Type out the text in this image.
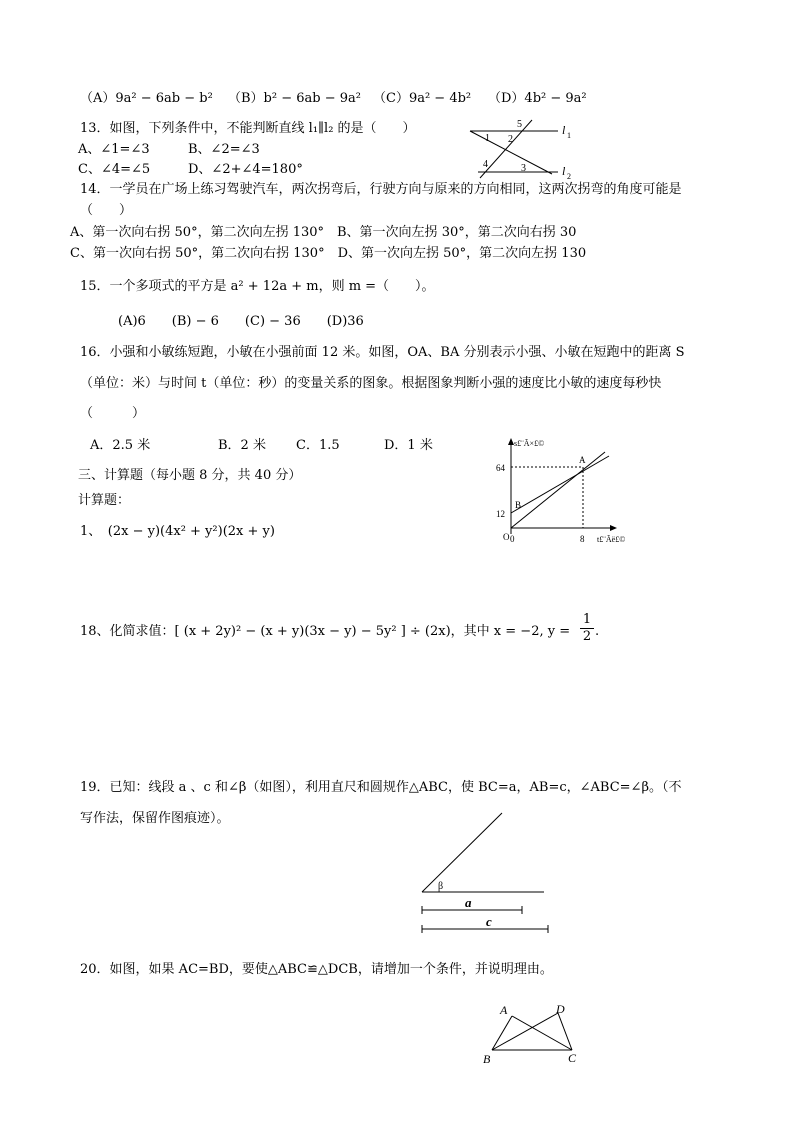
（A）9a² − 6ab − b² （B）b² − 6ab − 9a² （C）9a² − 4b² （D）4b² − 9a²
13．如图，下列条件中，不能判断直线 l₁∥l₂ 的是（　　）
A、∠1=∠3	B、∠2=∠3
C、∠4=∠5	D、∠2+∠4=180°
5
2
1
4	3
l 1
l 2
14．一学员在广场上练习驾驶汽车，两次拐弯后，行驶方向与原来的方向相同，这两次拐弯的角度可能是
（　　）
A、第一次向右拐 50°，第二次向左拐 130°　B、第一次向左拐 30°，第二次向右拐 30
C、第一次向右拐 50°，第二次向右拐 130°　D、第一次向左拐 50°，第二次向左拐 130
15．一个多项式的平方是 a² + 12a + m，则 m =（　　）。
(A)6　　(B) − 6　　(C) − 36　　(D)36
16．小强和小敏练短跑，小敏在小强前面 12 米。如图，OA、BA 分别表示小强、小敏在短跑中的距离 S
（单位：米）与时间 t（单位：秒）的变量关系的图象。根据图象判断小强的速度比小敏的速度每秒快
（　　　）
A．2.5 米	B．2 米 C．1.5	D．1 米	s£¨Ã×£©
t£¨Ãë£©
64
12
8
O 0
A
B
三、计算题（每小题 8 分，共 40 分）
计算题：
1、　(2x − y)(4x² + y²)(2x + y)
18、化简求值：[ (x + 2y)² − (x + y)(3x − y) − 5y² ] ÷ (2x)，其中 x = −2, y =
1
2 .
19．已知：线段 a 、c 和∠β（如图），利用直尺和圆规作△ABC，使 BC=a，AB=c，∠ABC=∠β。（不
写作法，保留作图痕迹）。
β
a
c
20．如图，如果 AC=BD，要使△ABC≌△DCB，请增加一个条件，并说明理由。
A	D
B	C
